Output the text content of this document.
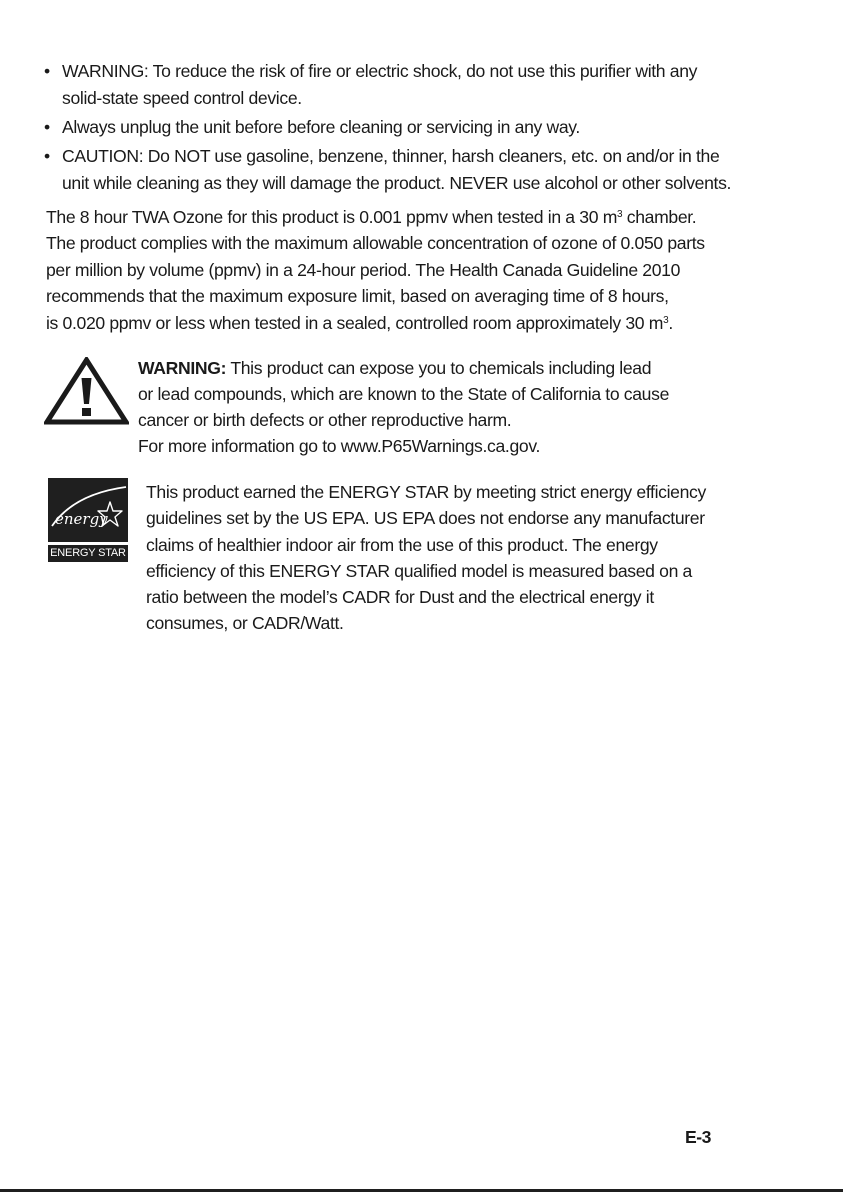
• WARNING: To reduce the risk of fire or electric shock, do not use this purifier with any
solid-state speed control device.
• Always unplug the unit before before cleaning or servicing in any way.
• CAUTION: Do NOT use gasoline, benzene, thinner, harsh cleaners, etc. on and/or in the
unit while cleaning as they will damage the product. NEVER use alcohol or other solvents.

The 8 hour TWA Ozone for this product is 0.001 ppmv when tested in a 30 $m^3$ chamber.
The product complies with the maximum allowable concentration of ozone of 0.050 parts
per million by volume (ppmv) in a 24-hour period. The Health Canada Guideline 2010
recommends that the maximum exposure limit, based on averaging time of 8 hours,
is 0.020 ppmv or less when tested in a sealed, controlled room approximately 30 $m^3$.

WARNING: This product can expose you to chemicals including lead
or lead compounds, which are known to the State of California to cause
cancer or birth defects or other reproductive harm.
For more information go to www.P65Warnings.ca.gov.
energy
ENERGY STAR
This product earned the ENERGY STAR by meeting strict energy efficiency
guidelines set by the US EPA. US EPA does not endorse any manufacturer
claims of healthier indoor air from the use of this product. The energy
efficiency of this ENERGY STAR qualified model is measured based on a
ratio between the model’s CADR for Dust and the electrical energy it
consumes, or CADR/Watt.
E-3
